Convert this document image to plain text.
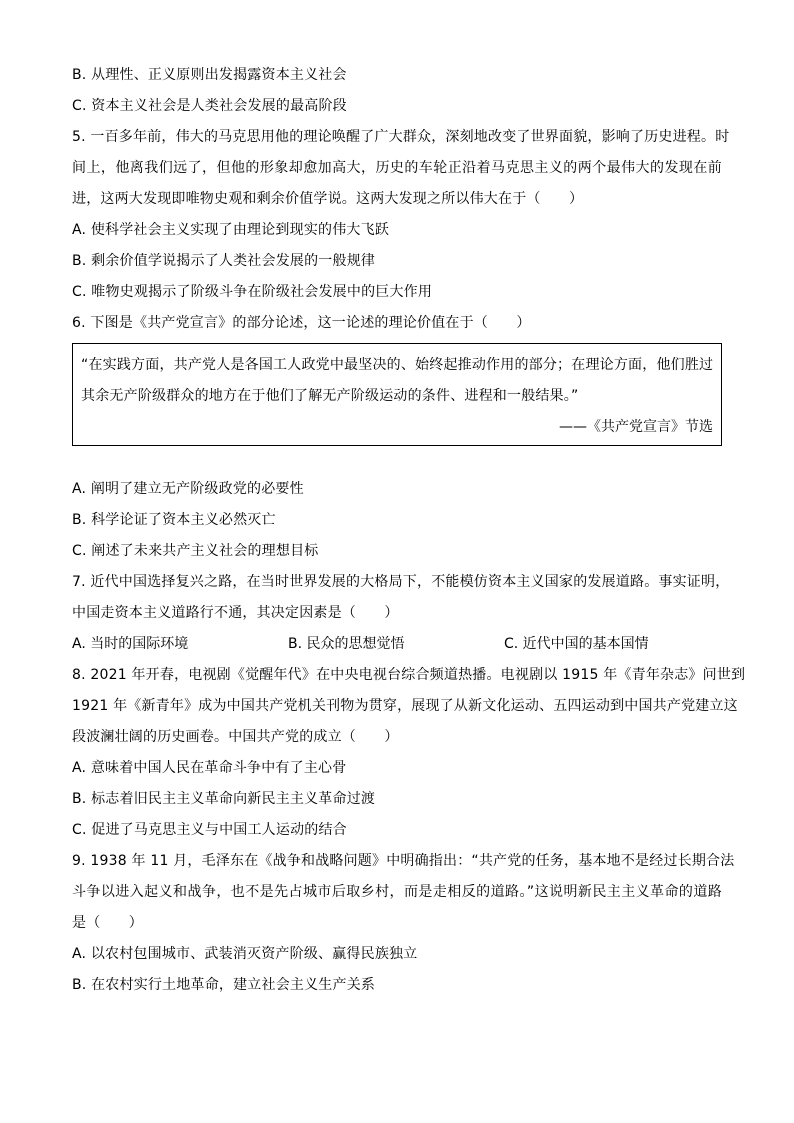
B. 从理性、正义原则出发揭露资本主义社会
C. 资本主义社会是人类社会发展的最高阶段
5. 一百多年前，伟大的马克思用他的理论唤醒了广大群众，深刻地改变了世界面貌，影响了历史进程。时
间上，他离我们远了，但他的形象却愈加高大，历史的车轮正沿着马克思主义的两个最伟大的发现在前
进，这两大发现即唯物史观和剩余价值学说。这两大发现之所以伟大在于（　　）
A. 使科学社会主义实现了由理论到现实的伟大飞跃
B. 剩余价值学说揭示了人类社会发展的一般规律
C. 唯物史观揭示了阶级斗争在阶级社会发展中的巨大作用
6. 下图是《共产党宣言》的部分论述，这一论述的理论价值在于（　　）
“在实践方面，共产党人是各国工人政党中最坚决的、始终起推动作用的部分；在理论方面，他们胜过
其余无产阶级群众的地方在于他们了解无产阶级运动的条件、进程和一般结果。”
——《共产党宣言》节选
A. 阐明了建立无产阶级政党的必要性
B. 科学论证了资本主义必然灭亡
C. 阐述了未来共产主义社会的理想目标
7. 近代中国选择复兴之路，在当时世界发展的大格局下，不能模仿资本主义国家的发展道路。事实证明，
中国走资本主义道路行不通，其决定因素是（　　）
A. 当时的国际环境	B. 民众的思想觉悟	C. 近代中国的基本国情
8. 2021 年开春，电视剧《觉醒年代》在中央电视台综合频道热播。电视剧以 1915 年《青年杂志》问世到
1921 年《新青年》成为中国共产党机关刊物为贯穿，展现了从新文化运动、五四运动到中国共产党建立这
段波澜壮阔的历史画卷。中国共产党的成立（　　）
A. 意味着中国人民在革命斗争中有了主心骨
B. 标志着旧民主主义革命向新民主主义革命过渡
C. 促进了马克思主义与中国工人运动的结合
9. 1938 年 11 月，毛泽东在《战争和战略问题》中明确指出：“共产党的任务，基本地不是经过长期合法
斗争以进入起义和战争，也不是先占城市后取乡村，而是走相反的道路。”这说明新民主主义革命的道路
是（　　）
A. 以农村包围城市、武装消灭资产阶级、赢得民族独立
B. 在农村实行土地革命，建立社会主义生产关系
